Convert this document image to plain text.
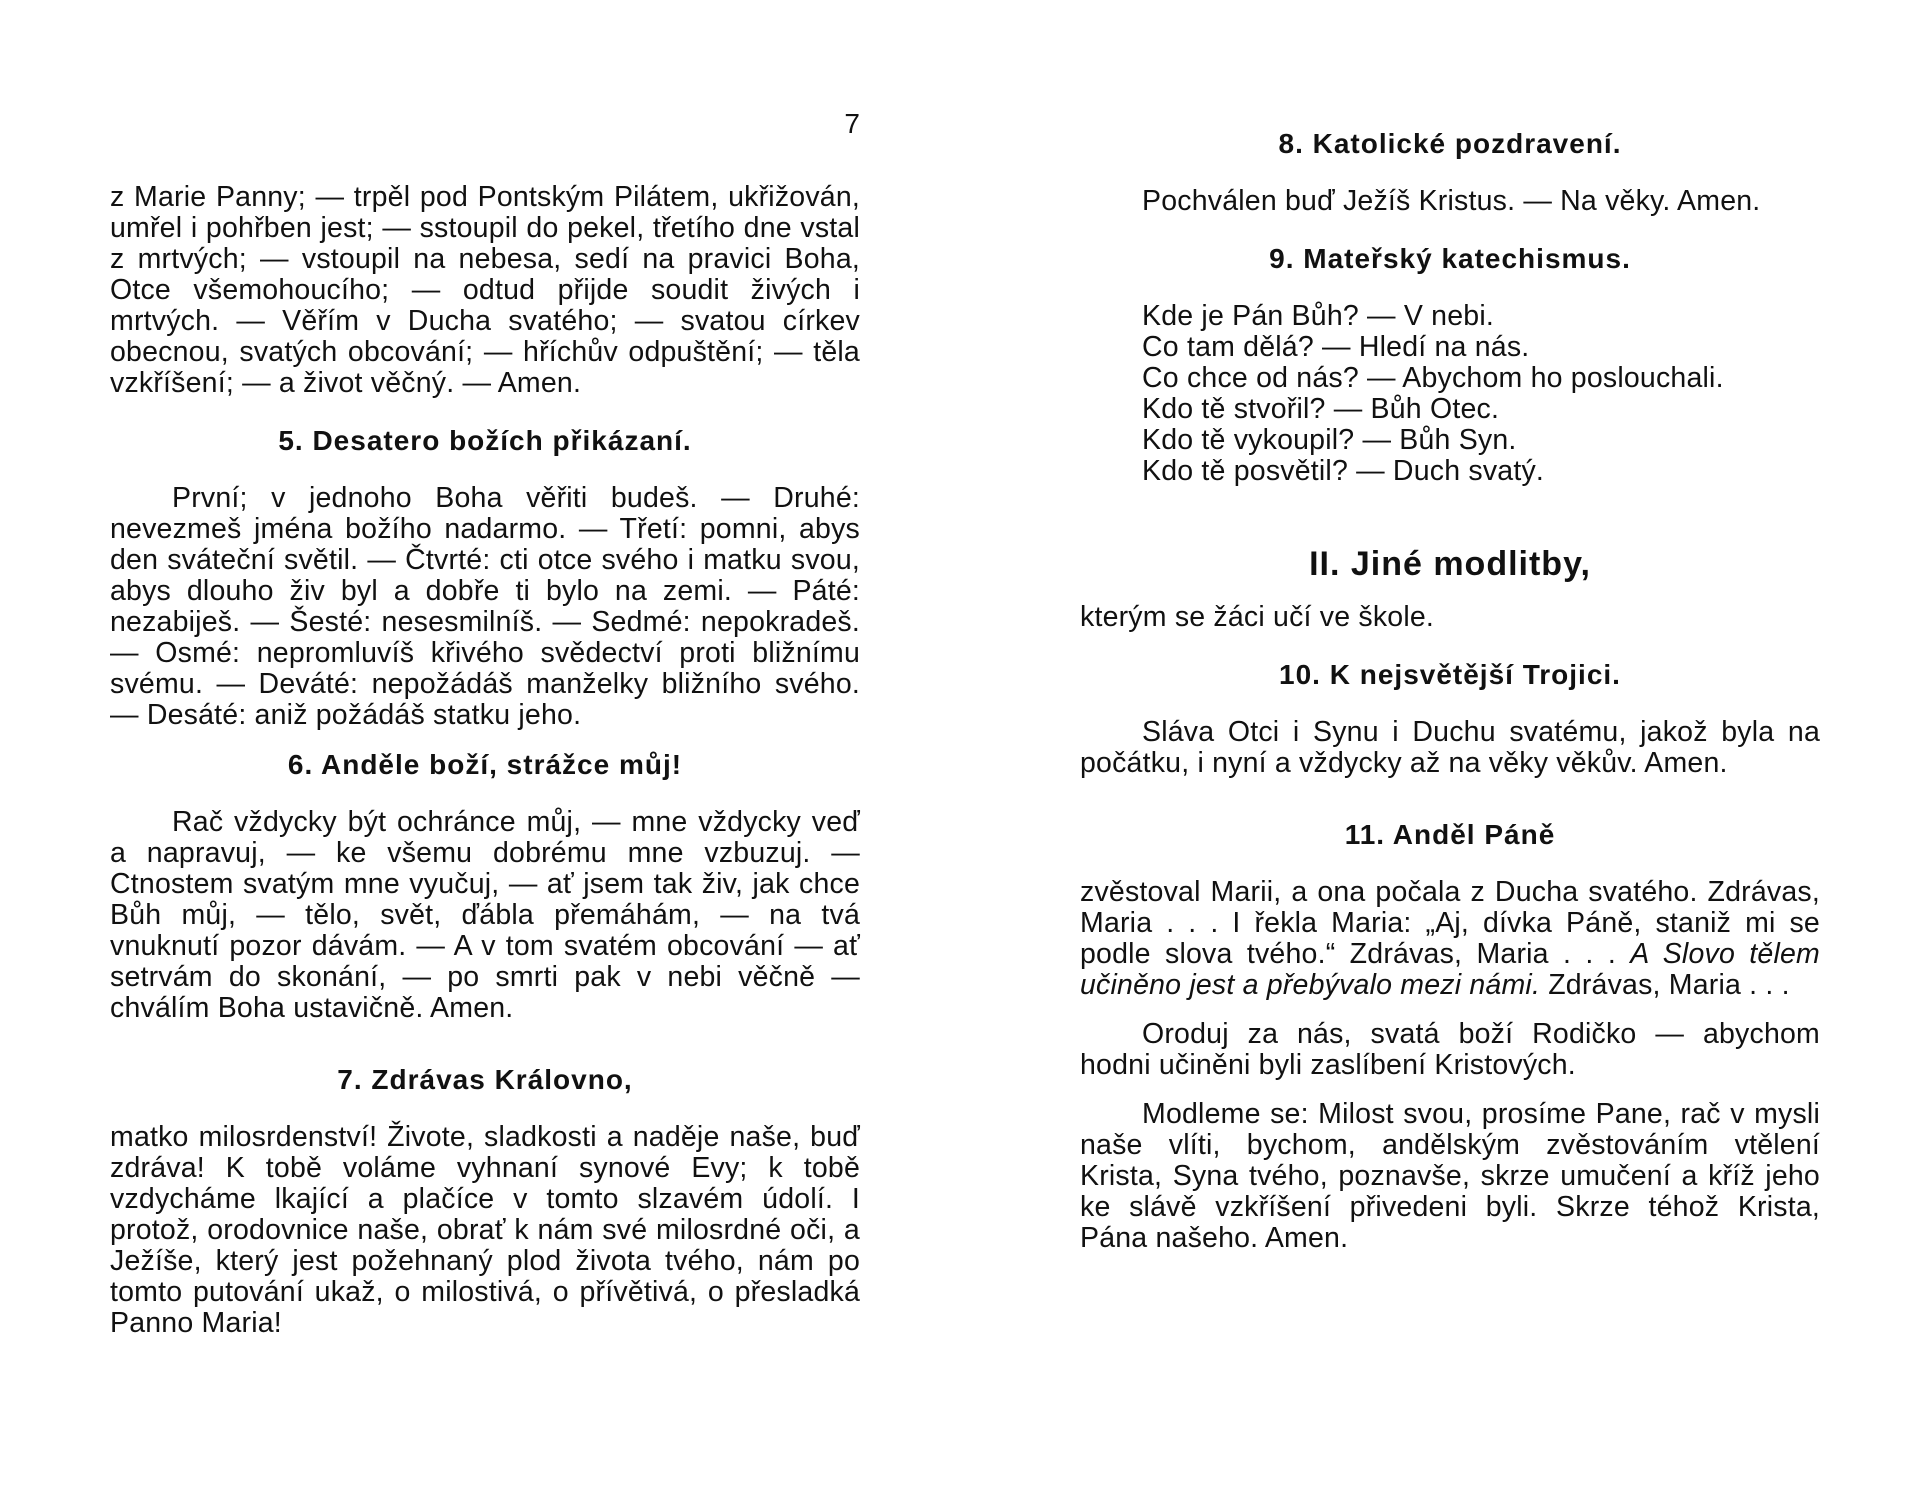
7

z Marie Panny; — trpěl pod Pontským Pilátem, ukřižován, umřel i pohřben jest; — sstoupil do pekel, třetího dne vstal z mrtvých; — vstoupil na nebesa, sedí na pravici Boha, Otce všemohoucího; — odtud přijde soudit živých i mrtvých. — Věřím v Ducha svatého; — svatou církev obecnou, svatých obcování; — hříchův odpuštění; — těla vzkříšení; — a život věčný. — Amen.

5. Desatero božích přikázaní.

První; v jednoho Boha věřiti budeš. — Druhé: nevezmeš jména božího nadarmo. — Třetí: pomni, abys den sváteční světil. — Čtvrté: cti otce svého i matku svou, abys dlouho živ byl a dobře ti bylo na zemi. — Páté: nezabiješ. — Šesté: nesesmilníš. — Sedmé: nepokradeš. — Osmé: nepromluvíš křivého svědectví proti bližnímu svému. — Deváté: nepožádáš manželky bližního svého. — Desáté: aniž požádáš statku jeho.

6. Anděle boží, strážce můj!

Rač vždycky být ochránce můj, — mne vždycky veď a napravuj, — ke všemu dobrému mne vzbuzuj. — Ctnostem svatým mne vyučuj, — ať jsem tak živ, jak chce Bůh můj, — tělo, svět, ďábla přemáhám, — na tvá vnuknutí pozor dávám. — A v tom svatém obcování — ať setrvám do skonání, — po smrti pak v nebi věčně — chválím Boha ustavičně. Amen.

7. Zdrávas Královno,

matko milosrdenství! Živote, sladkosti a naděje naše, buď zdráva! K tobě voláme vyhnaní synové Evy; k tobě vzdycháme lkající a plačíce v tomto slzavém údolí. I protož, orodovnice naše, obrať k nám své milosrdné oči, a Ježíše, který jest požehnaný plod života tvého, nám po tomto putování ukaž, o milostivá, o přívětivá, o přesladká Panno Maria!

8. Katolické pozdravení.

Pochválen buď Ježíš Kristus. — Na věky. Amen.

9. Mateřský katechismus.

Kde je Pán Bůh? — V nebi.
Co tam dělá? — Hledí na nás.
Co chce od nás? — Abychom ho poslouchali.
Kdo tě stvořil? — Bůh Otec.
Kdo tě vykoupil? — Bůh Syn.
Kdo tě posvětil? — Duch svatý.

II. Jiné modlitby,

kterým se žáci učí ve škole.

10. K nejsvětější Trojici.

Sláva Otci i Synu i Duchu svatému, jakož byla na počátku, i nyní a vždycky až na věky věkův. Amen.

11. Anděl Páně

zvěstoval Marii, a ona počala z Ducha svatého. Zdrávas, Maria . . . I řekla Maria: „Aj, dívka Páně, staniž mi se podle slova tvého.“ Zdrávas, Maria . . . A Slovo tělem učiněno jest a přebývalo mezi námi. Zdrávas, Maria . . .

Oroduj za nás, svatá boží Rodičko — abychom hodni učiněni byli zaslíbení Kristových.

Modleme se: Milost svou, prosíme Pane, rač v mysli naše vlíti, bychom, andělským zvěstováním vtělení Krista, Syna tvého, poznavše, skrze umučení a kříž jeho ke slávě vzkříšení přivedeni byli. Skrze téhož Krista, Pána našeho. Amen.
